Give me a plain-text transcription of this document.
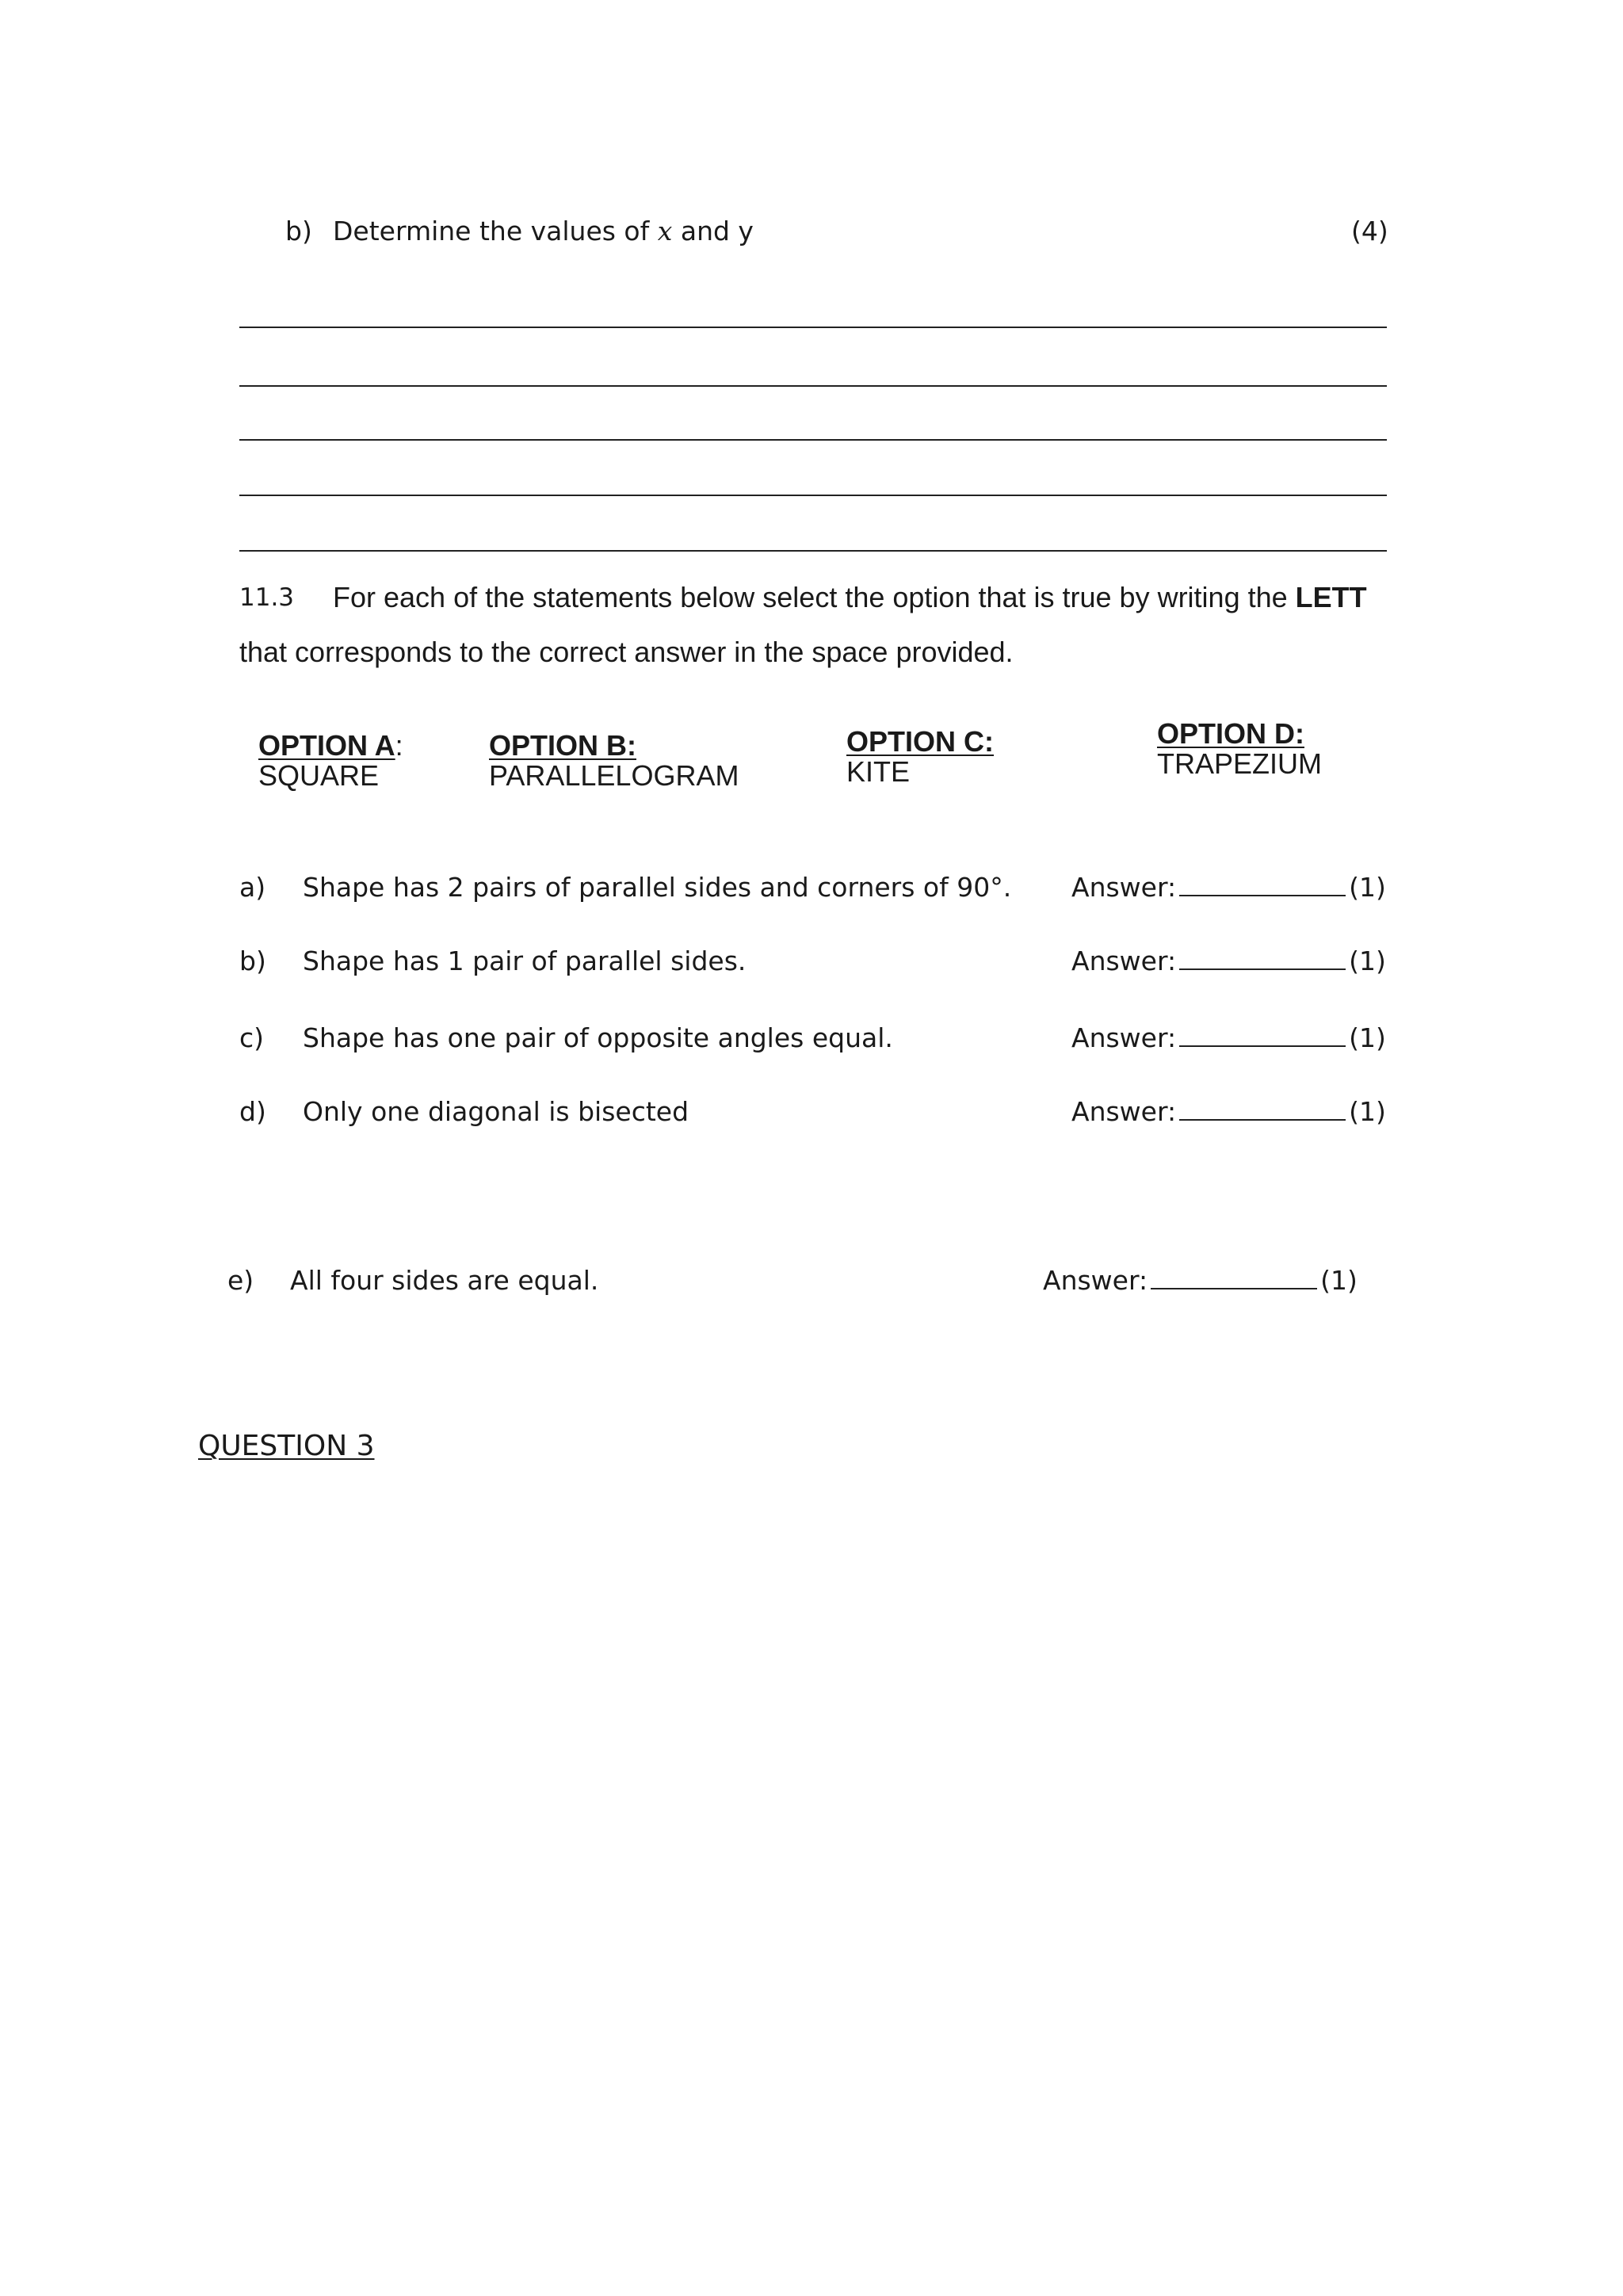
b) Determine the values of x and y	(4)
11.3 For each of the statements below select the option that is true by writing the LETT
that corresponds to the correct answer in the space provided.
OPTION A:
SQUARE
OPTION B:
PARALLELOGRAM
OPTION C:
KITE
OPTION D:
TRAPEZIUM
a) Shape has 2 pairs of parallel sides and corners of 90°. Answer:	(1)
b) Shape has 1 pair of parallel sides.	Answer:	(1)
c) Shape has one pair of opposite angles equal.	Answer:	(1)
d) Only one diagonal is bisected	Answer:	(1)
e) All four sides are equal.	Answer:	(1)
QUESTION 3
